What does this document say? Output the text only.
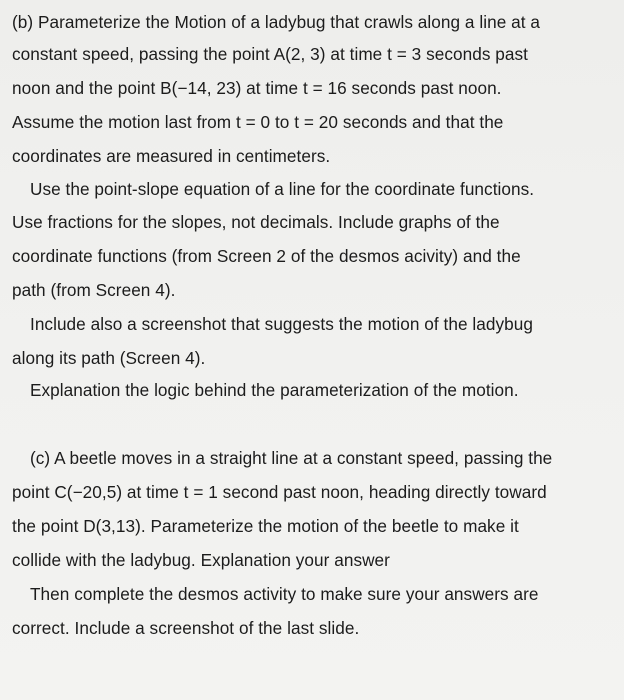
(b) Parameterize the Motion of a ladybug that crawls along a line at a
constant speed, passing the point A(2, 3) at time t = 3 seconds past
noon and the point B(−14, 23) at time t = 16 seconds past noon.
Assume the motion last from t = 0 to t = 20 seconds and that the
coordinates are measured in centimeters.
Use the point-slope equation of a line for the coordinate functions.
Use fractions for the slopes, not decimals. Include graphs of the
coordinate functions (from Screen 2 of the desmos acivity) and the
path (from Screen 4).
Include also a screenshot that suggests the motion of the ladybug
along its path (Screen 4).
Explanation the logic behind the parameterization of the motion.
(c) A beetle moves in a straight line at a constant speed, passing the
point C(−20,5) at time t = 1 second past noon, heading directly toward
the point D(3,13). Parameterize the motion of the beetle to make it
collide with the ladybug. Explanation your answer
Then complete the desmos activity to make sure your answers are
correct. Include a screenshot of the last slide.
